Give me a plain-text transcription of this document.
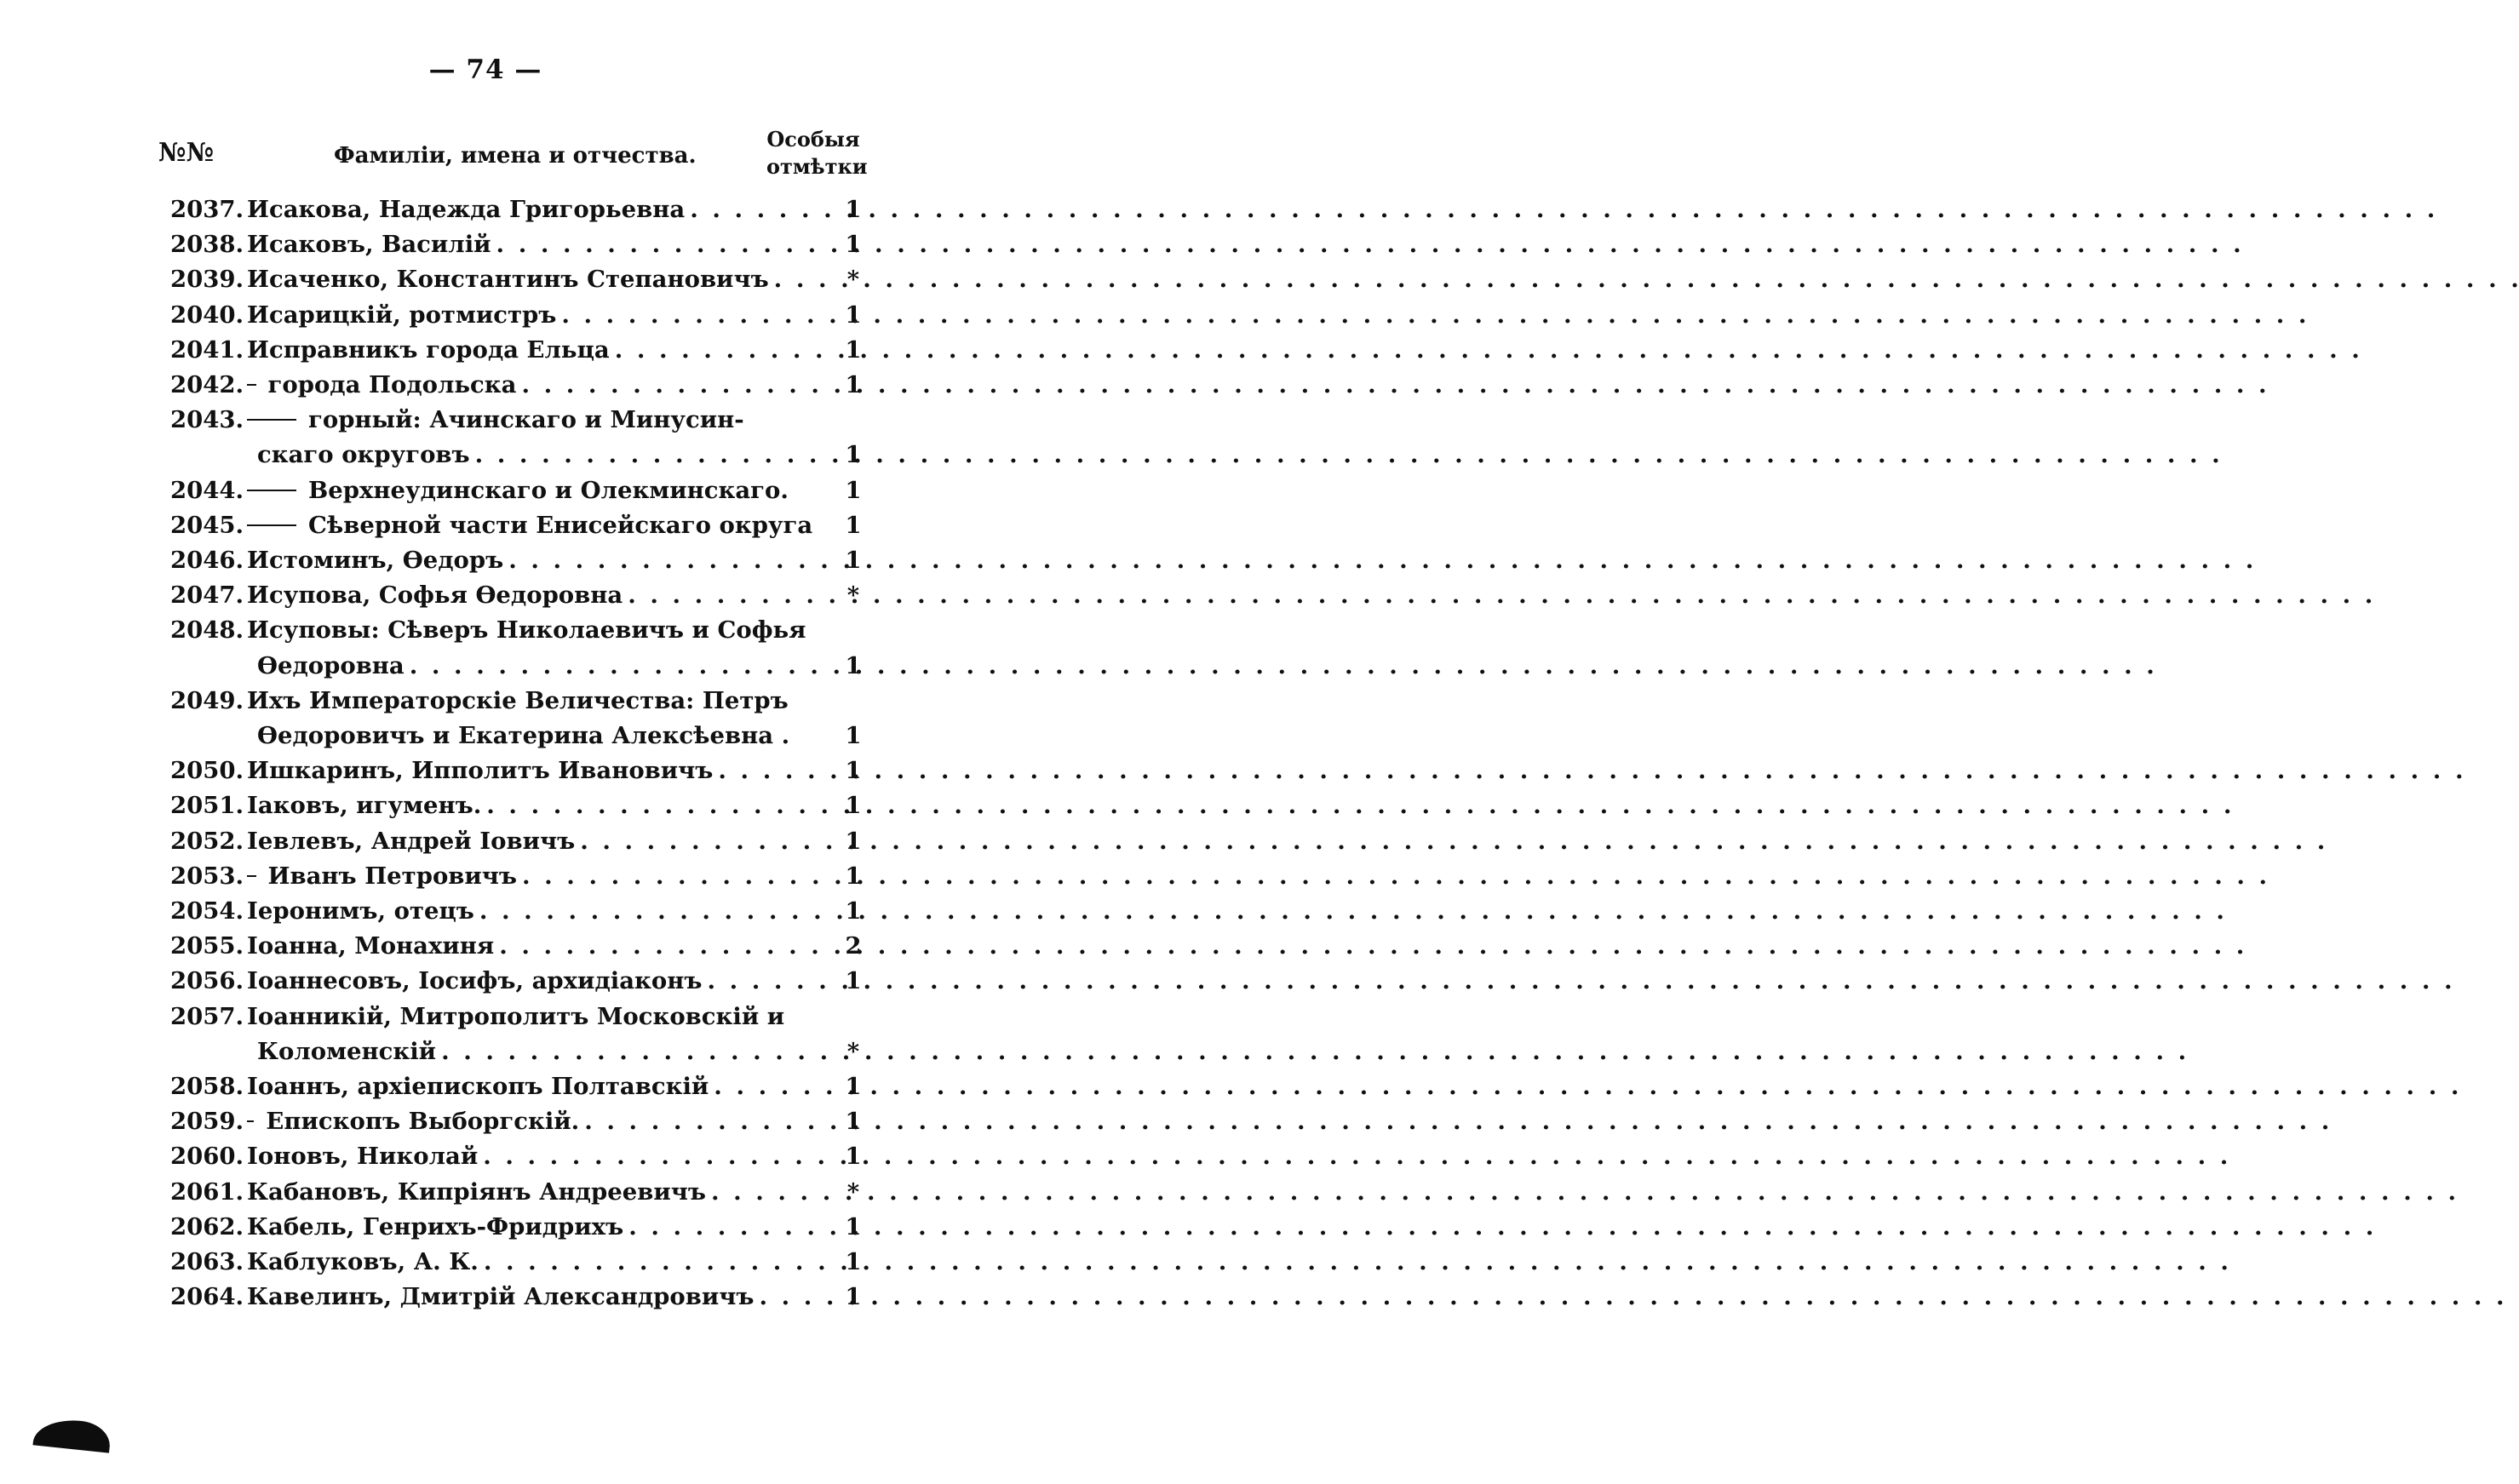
— 74 —
№№	Фамиліи, имена и отчества.
Особыя
отмѣтки
2037. Исакова, Надежда Григорьевна . . .	1
2038. Исаковъ, Василій . . .	1
2039. Исаченко, Константинъ Степановичъ . . .	*
2040. Исарицкій, ротмистръ . . .	1
2041. Исправникъ города Ельца . . .	1
2042. города Подольска . . .	1
2043.	горный: Ачинскаго и Минусин-
скаго округовъ . . .	1
2044.	Верхнеудинскаго и Олекминскаго.	1
2045.	Сѣверной части Енисейскаго округа	1
2046. Истоминъ, Ѳедоръ . . .	1
2047. Исупова, Софья Ѳедоровна . . .	*
2048. Исуповы: Сѣверъ Николаевичъ и Софья
Ѳедоровна . . .	1
2049. Ихъ Императорскіе Величества: Петръ
Ѳедоровичъ и Екатерина Алексѣевна .	1
2050. Ишкаринъ, Ипполитъ Ивановичъ . . .	1
2051. Іаковъ, игуменъ. . . .	1
2052. Іевлевъ, Андрей Іовичъ . . .	1
2053. Иванъ Петровичъ . . .	1
2054. Іеронимъ, отецъ . . .	1
2055. Іоанна, Монахиня . . .	2
2056. Іоаннесовъ, Іосифъ, архидіаконъ . . .	1
2057. Іоанникій, Митрополитъ Московскій и
Коломенскій . . .	*
2058. Іоаннъ, архіепископъ Полтавскій . . .	1
2059. Епископъ Выборгскій. . . .	1
2060. Іоновъ, Николай . . .	1
2061. Кабановъ, Кипріянъ Андреевичъ . . .	*
2062. Кабель, Генрихъ-Фридрихъ . . .	1
2063. Каблуковъ, А. К. . . .	1
2064. Кавелинъ, Дмитрій Александровичъ . . .	1
